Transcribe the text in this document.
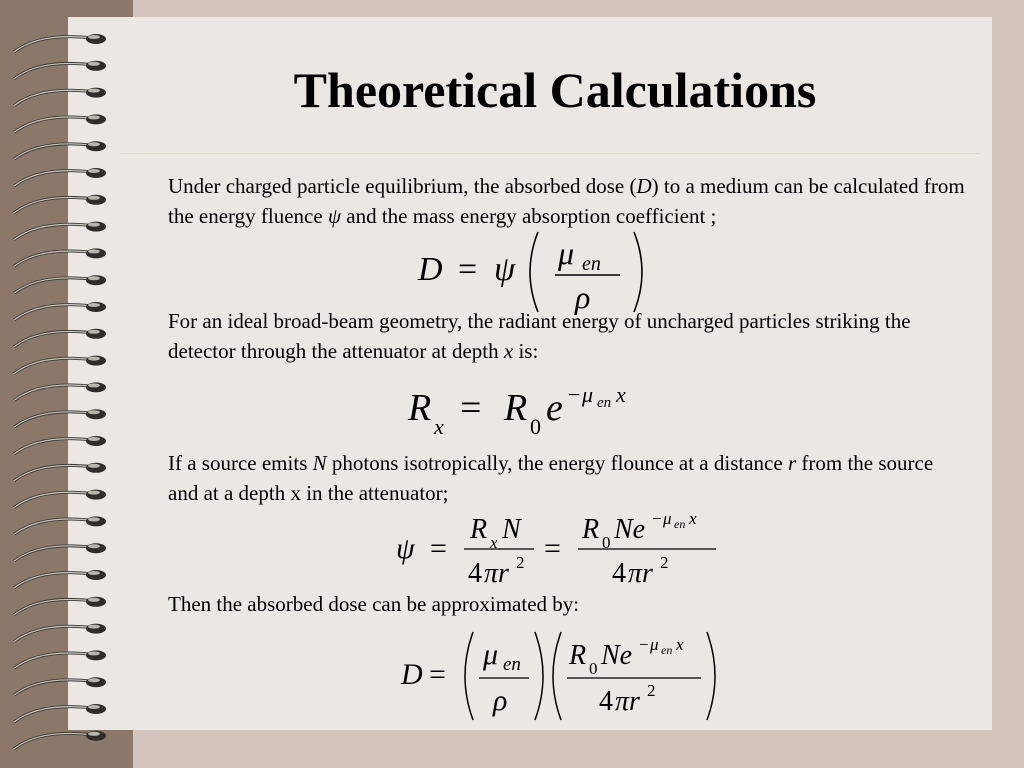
Theoretical Calculations

Under charged particle equilibrium, the absorbed dose (D) to a medium can be calculated from the energy fluence ψ and the mass energy absorption coefficient ;

D = ψ μ en
ρ

For an ideal broad-beam geometry, the radiant energy of uncharged particles striking the detector through the attenuator at depth x is:

R x = R 0 e − μ en x

If a source emits N photons isotropically, the energy flounce at a distance r from the source and at a depth x in the attenuator;

ψ =
R x N
4 πr 2 =
R 0 Ne − μ en x
4 πr 2

Then the absorbed dose can be approximated by:

D =
μ en
ρ
R 0 Ne − μ en x
4 πr 2
